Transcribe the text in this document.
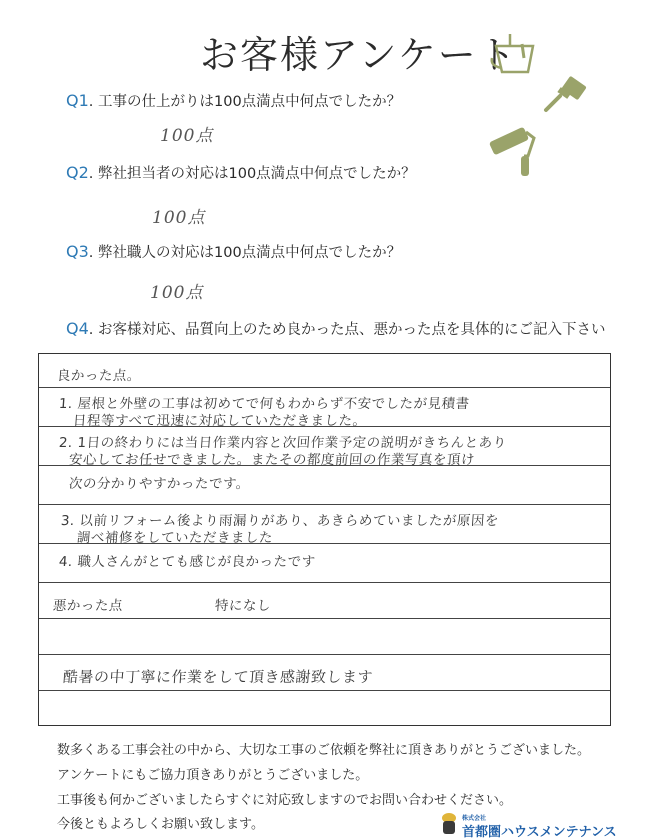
お客様アンケート
Q1. 工事の仕上がりは100点満点中何点でしたか？
100点
Q2. 弊社担当者の対応は100点満点中何点でしたか？
100点
Q3. 弊社職人の対応は100点満点中何点でしたか？
100点
Q4. お客様対応、品質向上のため良かった点、悪かった点を具体的にご記入下さい
良かった点。
1. 屋根と外壁の工事は初めてで何もわからず不安でしたが見積書
日程等すべて迅速に対応していただきました。
2. 1日の終わりには当日作業内容と次回作業予定の説明がきちんとあり
安心してお任せできました。またその都度前回の作業写真を頂け
次の分かりやすかったです。
3. 以前リフォーム後より雨漏りがあり、あきらめていましたが原因を
調べ補修をしていただきました
4. 職人さんがとても感じが良かったです
悪かった点	特になし
酷暑の中丁寧に作業をして頂き感謝致します
数多くある工事会社の中から、大切な工事のご依頼を弊社に頂きありがとうございました。
アンケートにもご協力頂きありがとうございました。
工事後も何かございましたらすぐに対応致しますのでお問い合わせください。
今後ともよろしくお願い致します。	株式会社
首都圏ハウスメンテナンス
